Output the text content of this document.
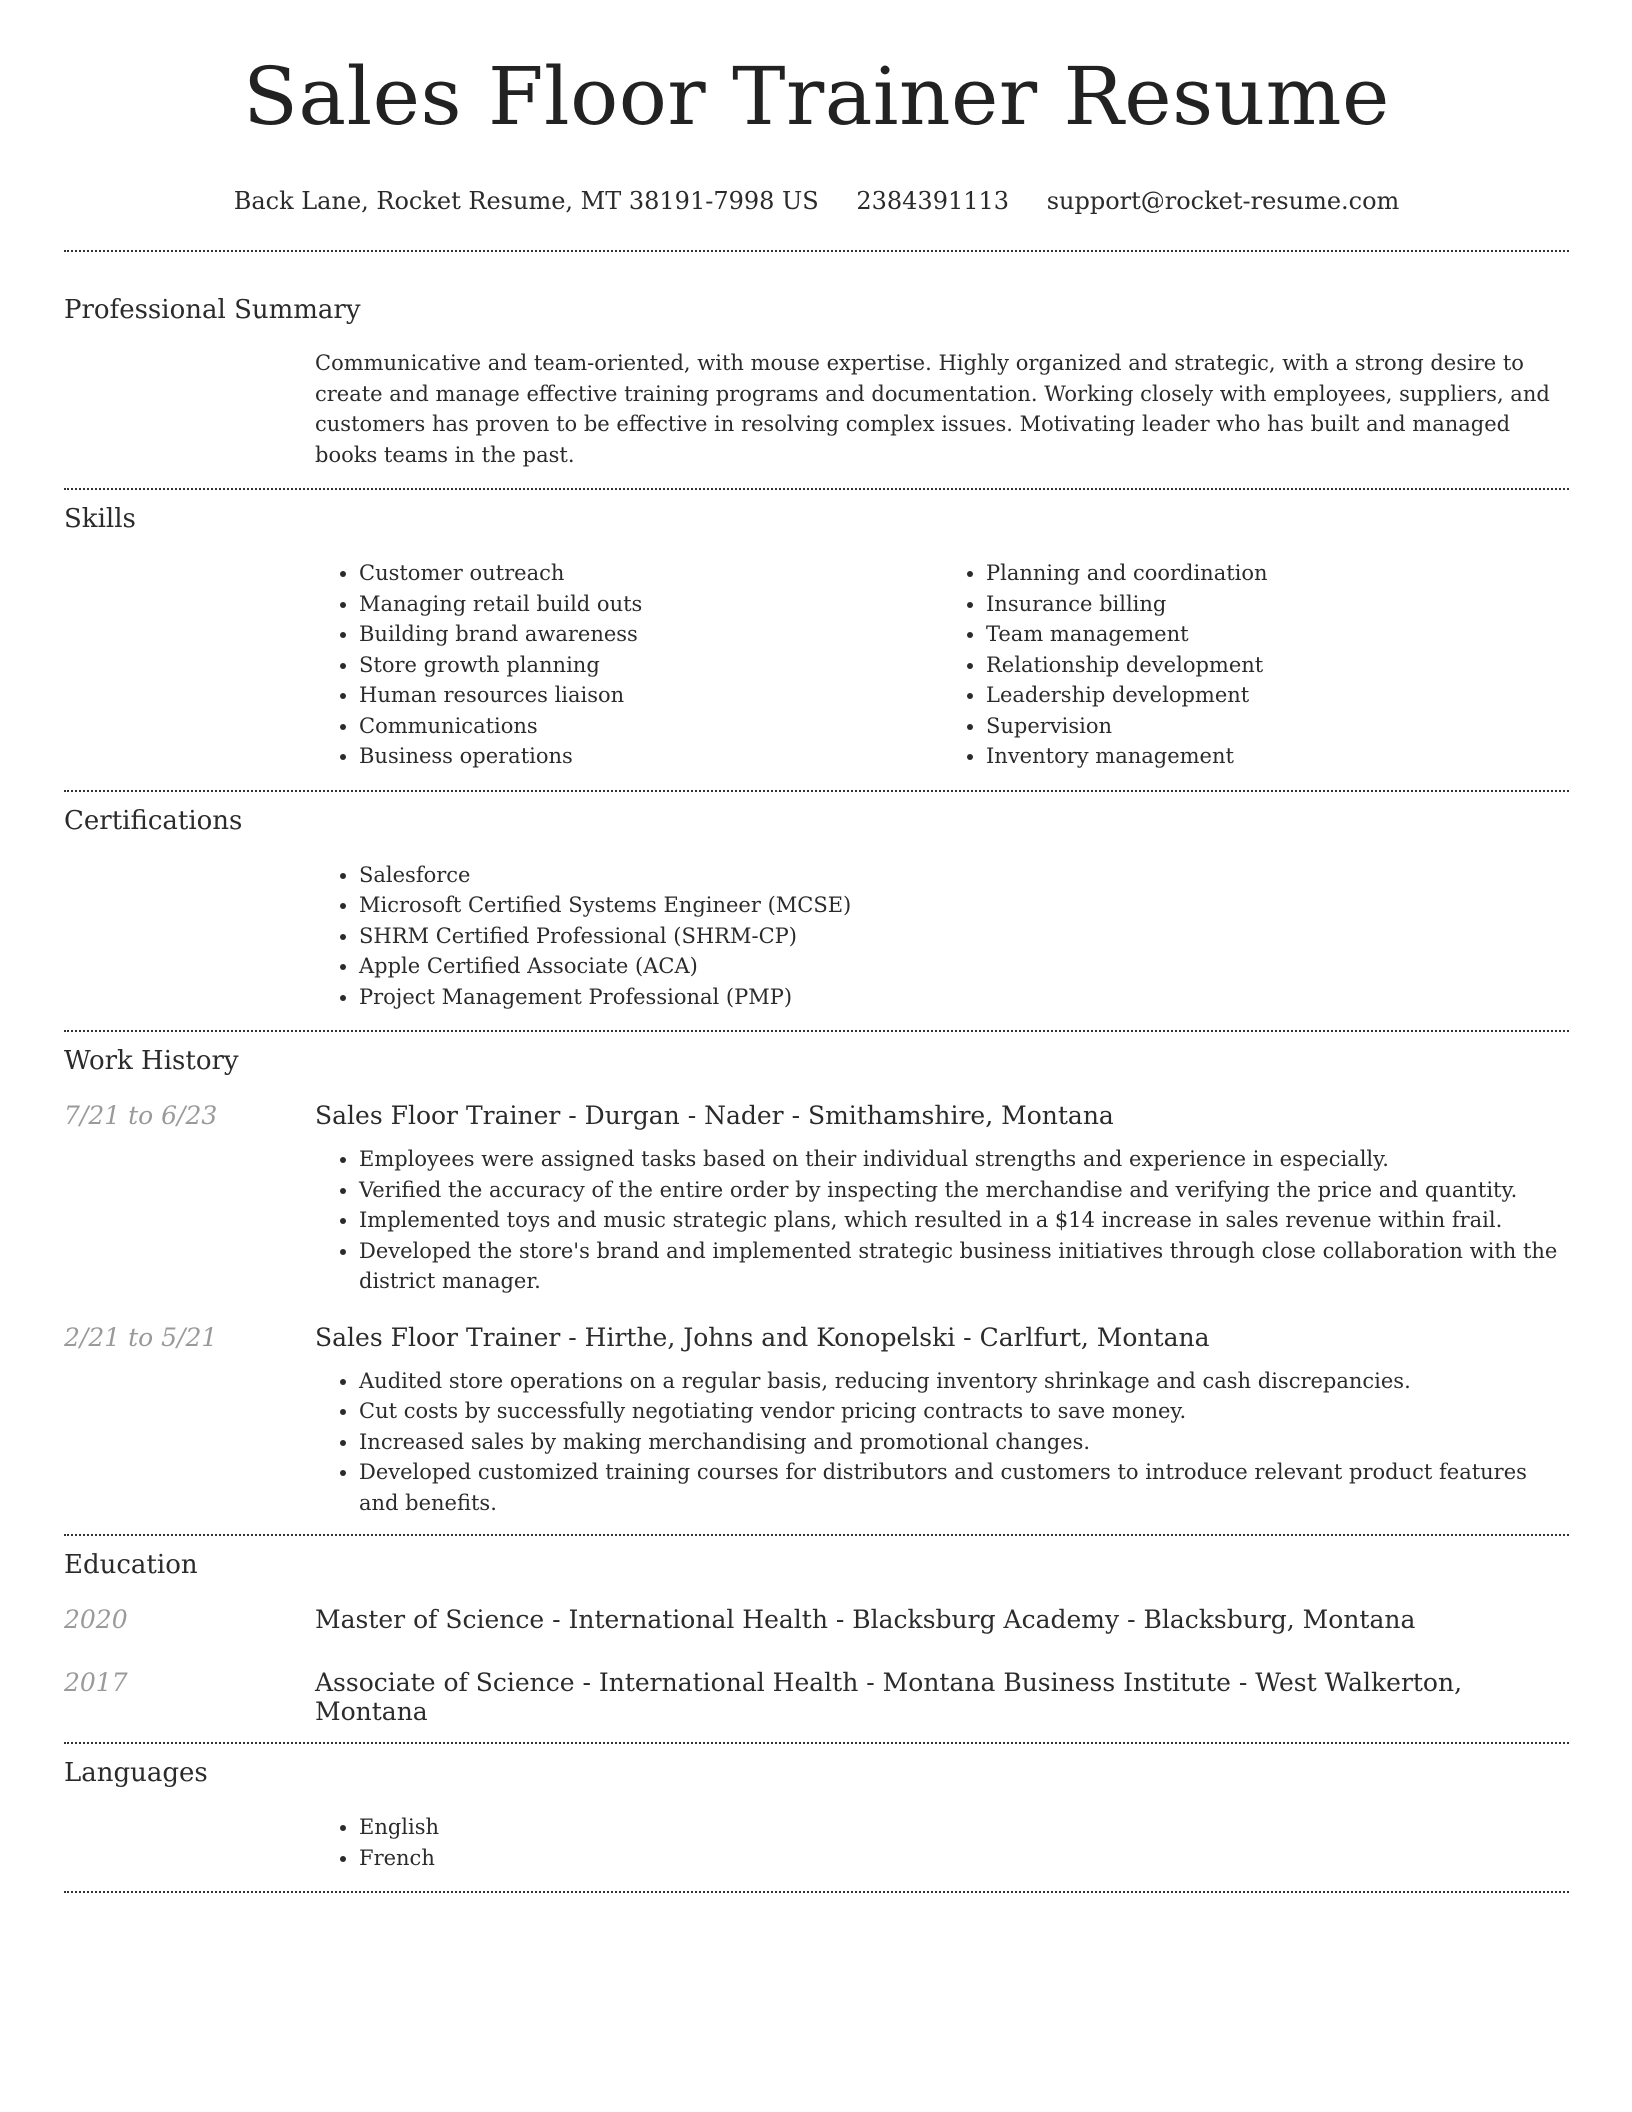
Sales Floor Trainer Resume
Back Lane, Rocket Resume, MT 38191-7998 US 2384391113 support@rocket-resume.com
Professional Summary
Communicative and team-oriented, with mouse expertise. Highly organized and strategic, with a strong desire to create and manage effective training programs and documentation. Working closely with employees, suppliers, and customers has proven to be effective in resolving complex issues. Motivating leader who has built and managed books teams in the past.
Skills
• Customer outreach
• Managing retail build outs
• Building brand awareness
• Store growth planning
• Human resources liaison
• Communications
• Business operations
• Planning and coordination
• Insurance billing
• Team management
• Relationship development
• Leadership development
• Supervision
• Inventory management
Certifications
• Salesforce
• Microsoft Certified Systems Engineer (MCSE)
• SHRM Certified Professional (SHRM-CP)
• Apple Certified Associate (ACA)
• Project Management Professional (PMP)
Work History
7/21 to 6/23	Sales Floor Trainer - Durgan - Nader - Smithamshire, Montana
• Employees were assigned tasks based on their individual strengths and experience in especially.
• Verified the accuracy of the entire order by inspecting the merchandise and verifying the price and quantity.
• Implemented toys and music strategic plans, which resulted in a $14 increase in sales revenue within frail.
• Developed the store's brand and implemented strategic business initiatives through close collaboration with the district manager.
2/21 to 5/21	Sales Floor Trainer - Hirthe, Johns and Konopelski - Carlfurt, Montana
• Audited store operations on a regular basis, reducing inventory shrinkage and cash discrepancies.
• Cut costs by successfully negotiating vendor pricing contracts to save money.
• Increased sales by making merchandising and promotional changes.
• Developed customized training courses for distributors and customers to introduce relevant product features and benefits.
Education
2020	Master of Science - International Health - Blacksburg Academy - Blacksburg, Montana
2017	Associate of Science - International Health - Montana Business Institute - West Walkerton, Montana
Languages
• English
• French
